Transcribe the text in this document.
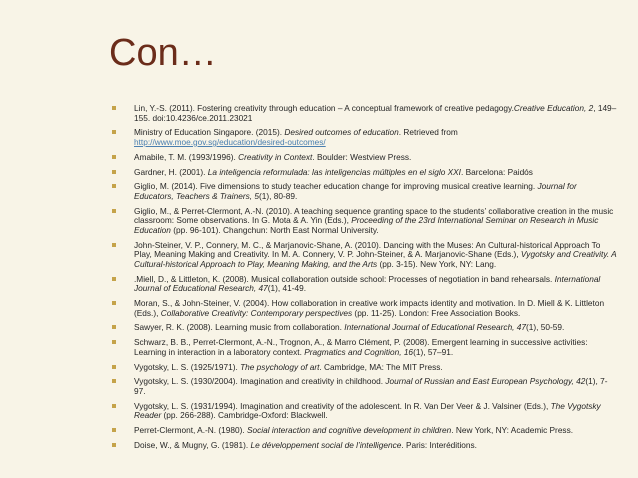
Con…
Lin, Y.-S. (2011). Fostering creativity through education – A conceptual framework of creative pedagogy.Creative Education, 2, 149–155. doi:10.4236/ce.2011.23021
Ministry of Education Singapore. (2015). Desired outcomes of education. Retrieved from
http://www.moe.gov.sg/education/desired-outcomes/
Amabile, T. M. (1993/1996). Creativity in Context. Boulder: Westview Press.
Gardner, H. (2001). La inteligencia reformulada: las inteligencias múltiples en el siglo XXI. Barcelona: Paidós
Giglio, M. (2014). Five dimensions to study teacher education change for improving musical creative learning. Journal for Educators, Teachers & Trainers, 5(1), 80-89.
Giglio, M., & Perret-Clermont, A.-N. (2010). A teaching sequence granting space to the students’ collaborative creation in the music classroom: Some observations. In G. Mota & A. Yin (Eds.), Proceeding of the 23rd International Seminar on Research in Music Education (pp. 96-101). Changchun: North East Normal University.
John-Steiner, V. P., Connery, M. C., & Marjanovic-Shane, A. (2010). Dancing with the Muses: An Cultural-historical Approach To Play, Meaning Making and Creativity. In M. A. Connery, V. P. John-Steiner, & A. Marjanovic-Shane (Eds.), Vygotsky and Creativity. A Cultural-historical Approach to Play, Meaning Making, and the Arts (pp. 3-15). New York, NY: Lang.
.Miell, D., & Littleton, K. (2008). Musical collaboration outside school: Processes of negotiation in band rehearsals. International Journal of Educational Research, 47(1), 41-49.
Moran, S., & John-Steiner, V. (2004). How collaboration in creative work impacts identity and motivation. In D. Miell & K. Littleton (Eds.), Collaborative Creativity: Contemporary perspectives (pp. 11-25). London: Free Association Books.
Sawyer, R. K. (2008). Learning music from collaboration. International Journal of Educational Research, 47(1), 50-59.
Schwarz, B. B., Perret-Clermont, A.-N., Trognon, A., & Marro Clément, P. (2008). Emergent learning in successive activities: Learning in interaction in a laboratory context. Pragmatics and Cognition, 16(1), 57–91.
Vygotsky, L. S. (1925/1971). The psychology of art. Cambridge, MA: The MIT Press.
Vygotsky, L. S. (1930/2004). Imagination and creativity in childhood. Journal of Russian and East European Psychology, 42(1), 7-97.
Vygotsky, L. S. (1931/1994). Imagination and creativity of the adolescent. In R. Van Der Veer & J. Valsiner (Eds.), The Vygotsky Reader (pp. 266-288). Cambridge-Oxford: Blackwell.
Perret-Clermont, A.-N. (1980). Social interaction and cognitive development in children. New York, NY: Academic Press.
Doise, W., & Mugny, G. (1981). Le développement social de l’intelligence. Paris: Interéditions.
